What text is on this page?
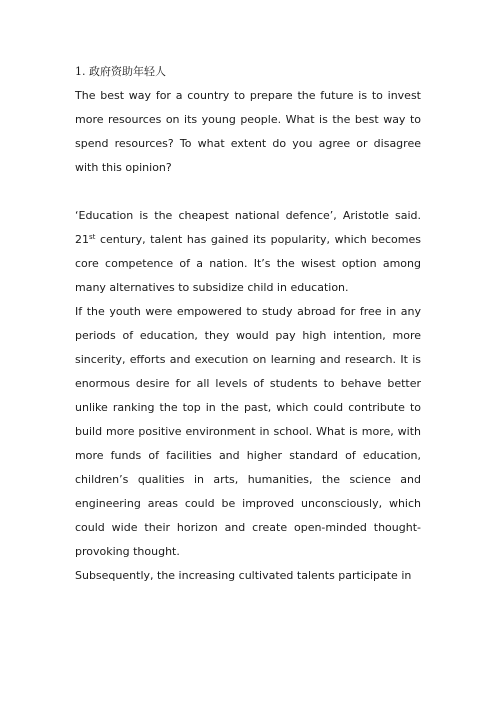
1. 政府资助年轻人

The best way for a country to prepare the future is to invest more resources on its young people. What is the best way to spend resources? To what extent do you agree or disagree with this opinion?

‘Education is the cheapest national defence’, Aristotle said. 21st century, talent has gained its popularity, which becomes core competence of a nation. It’s the wisest option among many alternatives to subsidize child in education.

If the youth were empowered to study abroad for free in any periods of education, they would pay high intention, more sincerity, efforts and execution on learning and research. It is enormous desire for all levels of students to behave better unlike ranking the top in the past, which could contribute to build more positive environment in school. What is more, with more funds of facilities and higher standard of education, children’s qualities in arts, humanities, the science and engineering areas could be improved unconsciously, which could wide their horizon and create open-minded thought-provoking thought.

Subsequently, the increasing cultivated talents participate in
